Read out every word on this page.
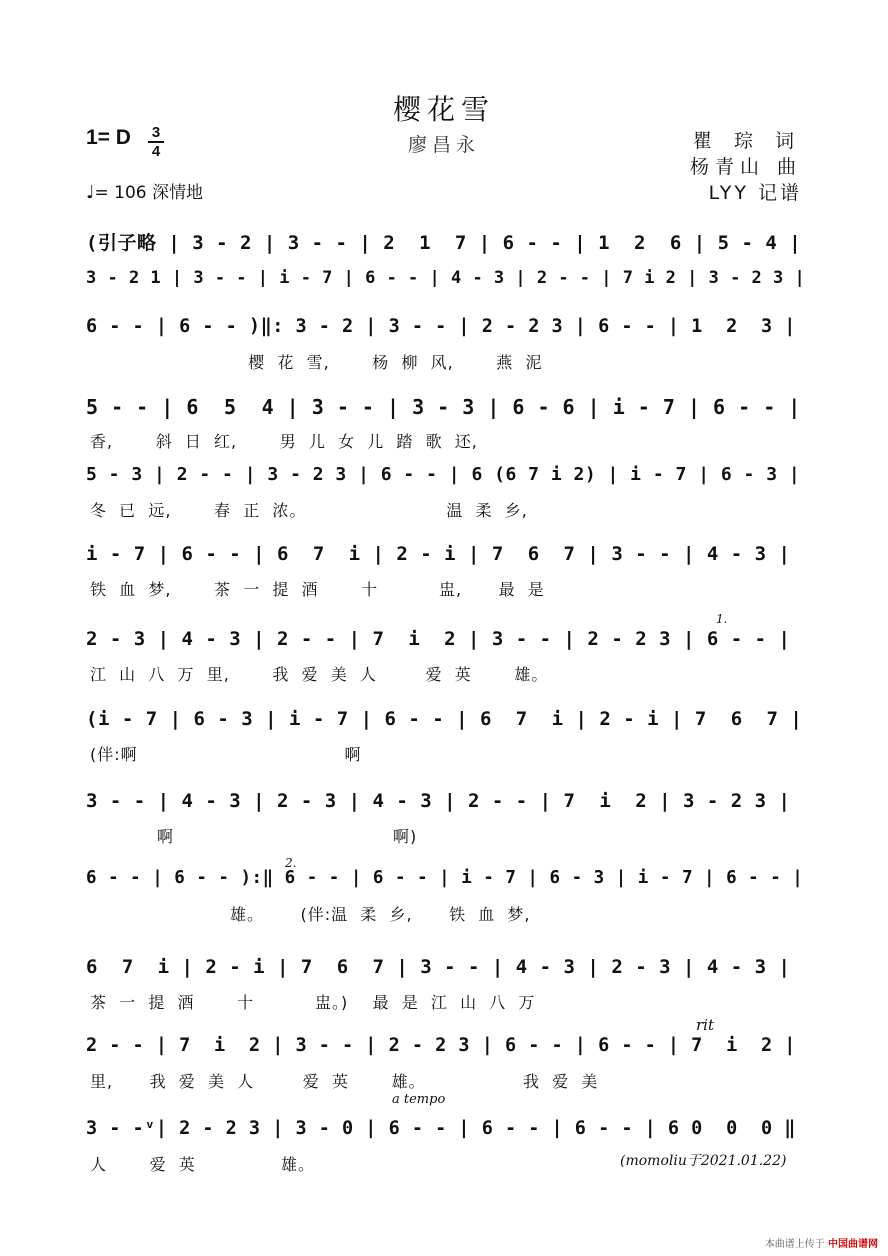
樱花雪
廖昌永
1= D 3
4	瞿 琮 词
杨青山 曲
LYY 记谱
♩= 106 深情地
(引子略 | 3 - 2 | 3 - - | 2  1  7 | 6 - - | 1  2  6 | 5 - 4 |
3 - 2 1 | 3 - - | i - 7 | 6 - - | 4 - 3 | 2 - - | 7 i 2 | 3 - 2 3 |
6 - - | 6 - - )‖: 3 - 2 | 3 - - | 2 - 2 3 | 6 - - | 1  2  3 |
樱  花  雪,       杨  柳  风,       燕  泥
5 - - | 6  5  4 | 3 - - | 3 - 3 | 6 - 6 | i - 7 | 6 - - |
香,       斜  日  红,       男  儿  女  儿  踏  歌  还,
5 - 3 | 2 - - | 3 - 2 3 | 6 - - | 6 (6 7 i 2) | i - 7 | 6 - 3 |
冬  已  远,       春  正  浓。                       温  柔  乡,
i - 7 | 6 - - | 6  7  i | 2 - i | 7  6  7 | 3 - - | 4 - 3 |
铁  血  梦,       茶  一  提  酒       十          盅,      最  是
2 - 3 | 4 - 3 | 2 - - | 7  i  2 | 3 - - | 2 - 2 3 | 6 - - |
江  山  八  万  里,       我  爱  美  人        爱  英       雄。
(i - 7 | 6 - 3 | i - 7 | 6 - - | 6  7  i | 2 - i | 7  6  7 |
(伴:啊                                  啊
3 - - | 4 - 3 | 2 - 3 | 4 - 3 | 2 - - | 7  i  2 | 3 - 2 3 |
啊                                    啊)
6 - - | 6 - - ):‖ 6 - - | 6 - - | i - 7 | 6 - 3 | i - 7 | 6 - - |
雄。      (伴:温  柔  乡,      铁  血  梦,
6  7  i | 2 - i | 7  6  7 | 3 - - | 4 - 3 | 2 - 3 | 4 - 3 |
茶  一  提  酒       十          盅。)    最  是  江  山  八  万
2 - - | 7  i  2 | 3 - - | 2 - 2 3 | 6 - - | 6 - - | 7  i  2 |
里,      我  爱  美  人        爱  英       雄。                我  爱  美
3 - -ᵛ| 2 - 2 3 | 3 - 0 | 6 - - | 6 - - | 6 - - | 6 0  0  0 ‖
人       爱  英              雄。
1.
2.
rit
a tempo
(momoliu于2021.01.22)
本曲谱上传于 中国曲谱网
